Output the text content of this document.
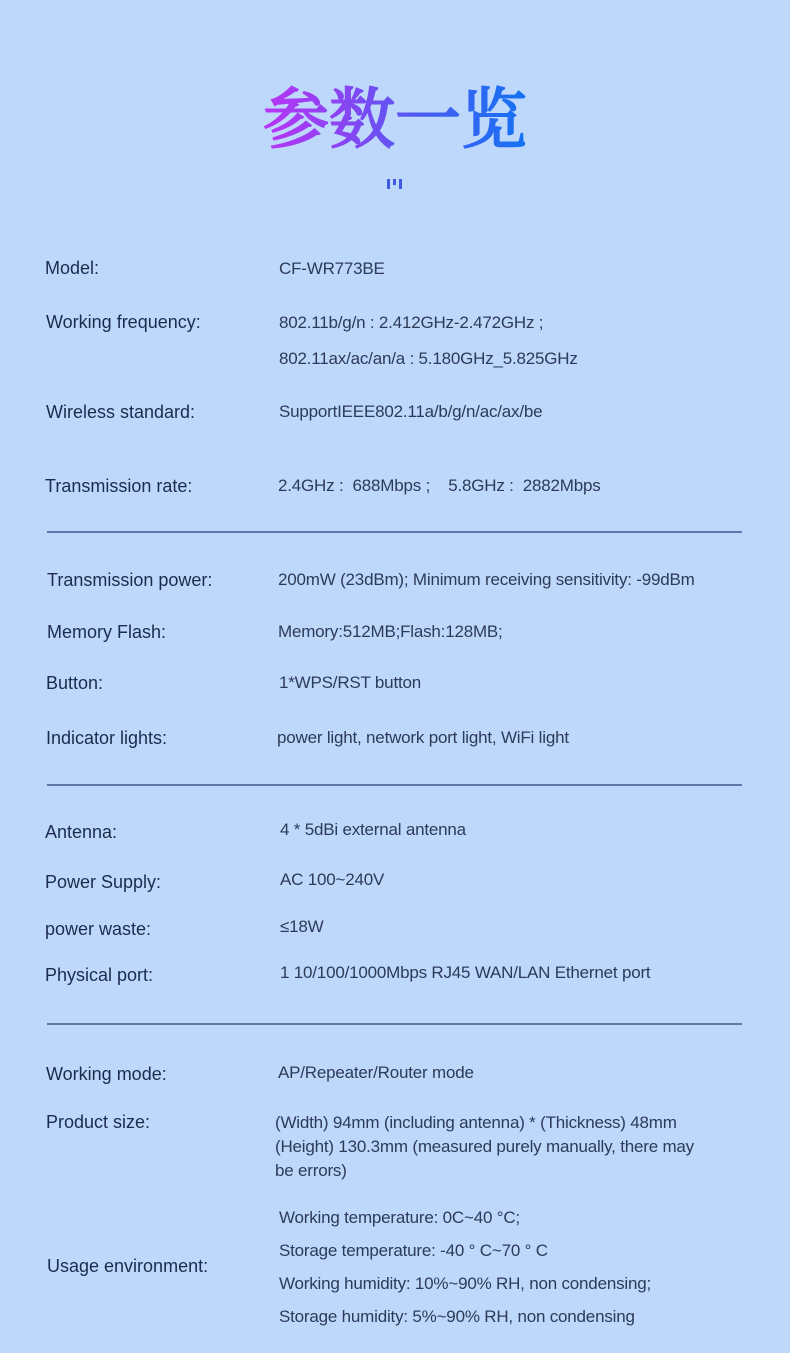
参数一览
Model:	CF-WR773BE
Working frequency:	802.11b/g/n : 2.412GHz-2.472GHz ;
802.11ax/ac/an/a : 5.180GHz_5.825GHz
Wireless standard:	SupportIEEE802.11a/b/g/n/ac/ax/be
Transmission rate:	2.4GHz :  688Mbps ;    5.8GHz :  2882Mbps
Transmission power:	200mW (23dBm); Minimum receiving sensitivity: -99dBm
Memory Flash:	Memory:512MB;Flash:128MB;
Button:	1*WPS/RST button
Indicator lights:	power light, network port light, WiFi light
Antenna:	4 * 5dBi external antenna
Power Supply:	AC 100~240V
power waste:	≤18W
Physical port:	1 10/100/1000Mbps RJ45 WAN/LAN Ethernet port
Working mode:	AP/Repeater/Router mode
Product size:	(Width) 94mm (including antenna) * (Thickness) 48mm (Height) 130.3mm (measured purely manually, there may be errors)
Usage environment:
Working temperature: 0C~40 °C;
Storage temperature: -40 ° C~70 ° C
Working humidity: 10%~90% RH, non condensing;
Storage humidity: 5%~90% RH, non condensing
